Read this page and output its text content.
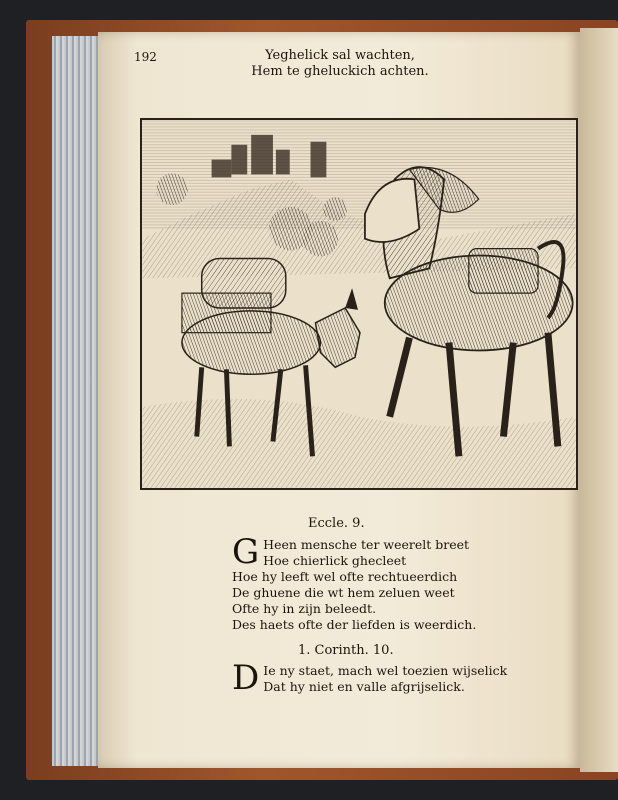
192	Yeghelick sal wachten,
Hem te gheluckich achten.
Eccle. 9.
G Heen mensche ter weerelt breet
Hoe chierlick ghecleet
Hoe hy leeft wel ofte rechtueerdich
De ghuene die wt hem zeluen weet
Ofte hy in zijn beleedt.
Des haets ofte der liefden is weerdich.
1. Corinth. 10.
D Ie ny staet, mach wel toezien wijselick
Dat hy niet en valle afgrijselick.
